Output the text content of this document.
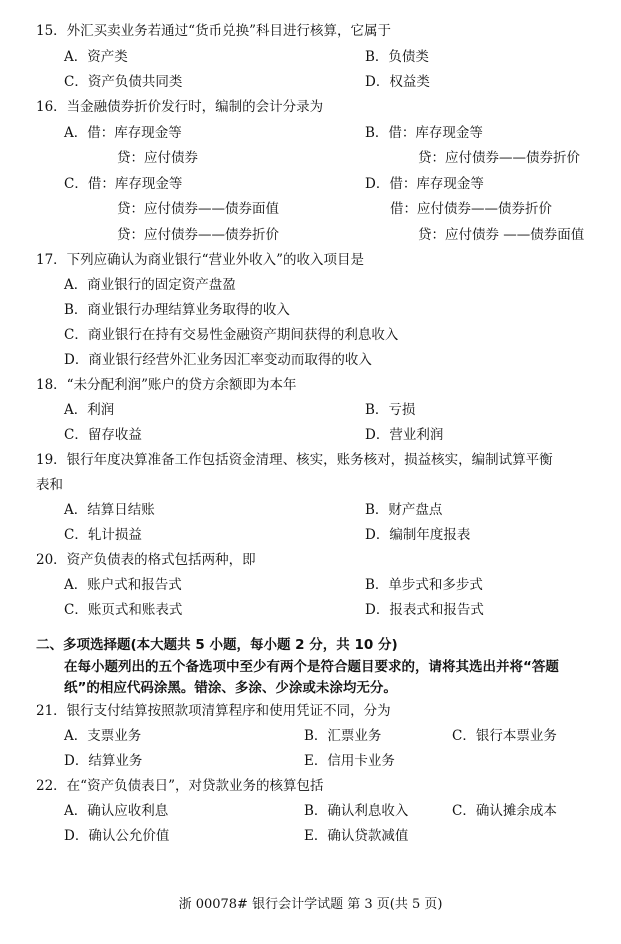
15．外汇买卖业务若通过“货币兑换”科目进行核算，它属于
A．资产类	B．负债类
C．资产负债共同类	D．权益类
16．当金融债券折价发行时，编制的会计分录为
A．借：库存现金等
贷：应付债券
B．借：库存现金等
贷：应付债券——债券折价
C．借：库存现金等
贷：应付债券——债券面值
贷：应付债券——债券折价
D．借：库存现金等
借：应付债券——债券折价
贷：应付债券 ——债券面值
17．下列应确认为商业银行“营业外收入”的收入项目是
A．商业银行的固定资产盘盈
B．商业银行办理结算业务取得的收入
C．商业银行在持有交易性金融资产期间获得的利息收入
D．商业银行经营外汇业务因汇率变动而取得的收入
18．“未分配利润”账户的贷方余额即为本年
A．利润	B．亏损
C．留存收益	D．营业利润
19．银行年度决算准备工作包括资金清理、核实，账务核对，损益核实，编制试算平衡
表和
A．结算日结账	B．财产盘点
C．轧计损益	D．编制年度报表
20．资产负债表的格式包括两种，即
A．账户式和报告式	B．单步式和多步式
C．账页式和账表式	D．报表式和报告式
二、多项选择题(本大题共 5 小题，每小题 2 分，共 10 分)
在每小题列出的五个备选项中至少有两个是符合题目要求的，请将其选出并将“答题
纸”的相应代码涂黑。错涂、多涂、少涂或未涂均无分。
21．银行支付结算按照款项清算程序和使用凭证不同，分为
A．支票业务	B．汇票业务	C．银行本票业务
D．结算业务	E．信用卡业务
22．在“资产负债表日”，对贷款业务的核算包括
A．确认应收利息	B．确认利息收入	C．确认摊余成本
D．确认公允价值	E．确认贷款减值
浙 00078# 银行会计学试题 第 3 页(共 5 页)
